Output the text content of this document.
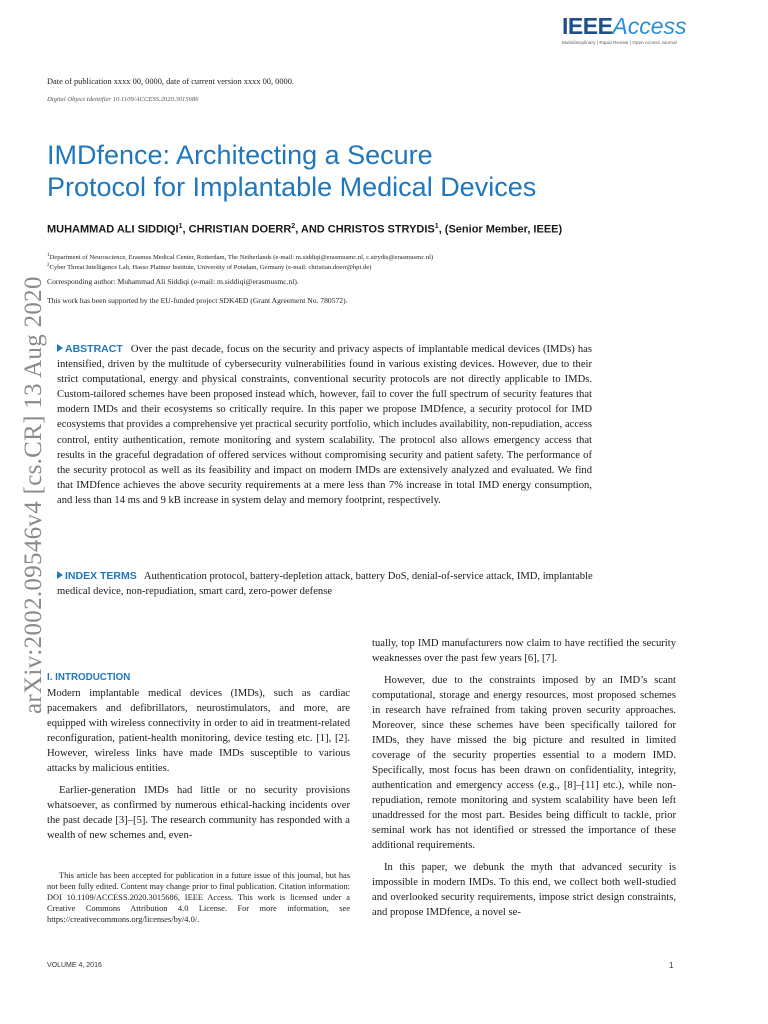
IEEEAccess
Multidisciplinary | Rapid Review | Open Access Journal
arXiv:2002.09546v4 [cs.CR] 13 Aug 2020
Date of publication xxxx 00, 0000, date of current version xxxx 00, 0000.
Digital Object Identifier 10.1109/ACCESS.2020.3015686
IMDfence: Architecting a Secure
Protocol for Implantable Medical Devices
MUHAMMAD ALI SIDDIQI$^1$, CHRISTIAN DOERR$^2$, AND CHRISTOS STRYDIS$^1$, (Senior Member, IEEE)
$^1$Department of Neuroscience, Erasmus Medical Center, Rotterdam, The Netherlands (e-mail: m.siddiqi@erasmusmc.nl, c.strydis@erasmusmc.nl)
$^2$Cyber Threat Intelligence Lab, Hasso Plattner Institute, University of Potsdam, Germany (e-mail: christian.doerr@hpi.de)
Corresponding author: Muhammad Ali Siddiqi (e-mail: m.siddiqi@erasmusmc.nl).
This work has been supported by the EU-funded project SDK4ED (Grant Agreement No. 780572).
ABSTRACT Over the past decade, focus on the security and privacy aspects of implantable medical devices (IMDs) has intensified, driven by the multitude of cybersecurity vulnerabilities found in various existing devices. However, due to their strict computational, energy and physical constraints, conventional security protocols are not directly applicable to IMDs. Custom-tailored schemes have been proposed instead which, however, fail to cover the full spectrum of security features that modern IMDs and their ecosystems so critically require. In this paper we propose IMDfence, a security protocol for IMD ecosystems that provides a comprehensive yet practical security portfolio, which includes availability, non-repudiation, access control, entity authentication, remote monitoring and system scalability. The protocol also allows emergency access that results in the graceful degradation of offered services without compromising security and patient safety. The performance of the security protocol as well as its feasibility and impact on modern IMDs are extensively analyzed and evaluated. We find that IMDfence achieves the above security requirements at a mere less than 7% increase in total IMD energy consumption, and less than 14 ms and 9 kB increase in system delay and memory footprint, respectively.
INDEX TERMS Authentication protocol, battery-depletion attack, battery DoS, denial-of-service attack, IMD, implantable medical device, non-repudiation, smart card, zero-power defense
I. INTRODUCTION

Modern implantable medical devices (IMDs), such as cardiac pacemakers and defibrillators, neurostimulators, and more, are equipped with wireless connectivity in order to aid in treatment-related reconfiguration, patient-health monitoring, device testing etc. [1], [2]. However, wireless links have made IMDs susceptible to various attacks by malicious entities.

Earlier-generation IMDs had little or no security provisions whatsoever, as confirmed by numerous ethical-hacking incidents over the past decade [3]–[5]. The research community has responded with a wealth of new schemes and, even-

tually, top IMD manufacturers now claim to have rectified the security weaknesses over the past few years [6], [7].

However, due to the constraints imposed by an IMD’s scant computational, storage and energy resources, most proposed schemes in research have refrained from taking proven security approaches. Moreover, since these schemes have been specifically tailored for IMDs, they have missed the big picture and resulted in limited coverage of the security properties essential to a modern IMD. Specifically, most focus has been drawn on confidentiality, integrity, authentication and emergency access (e.g., [8]–[11] etc.), while non-repudiation, remote monitoring and system scalability have been left unaddressed for the most part. Besides being difficult to tackle, prior seminal work has not identified or stressed the importance of these additional requirements.

In this paper, we debunk the myth that advanced security is impossible in modern IMDs. To this end, we collect both well-studied and overlooked security requirements, impose strict design constraints, and propose IMDfence, a novel se-

This article has been accepted for publication in a future issue of this journal, but has not been fully edited. Content may change prior to final publication. Citation information: DOI 10.1109/ACCESS.2020.3015686, IEEE Access. This work is licensed under a Creative Commons Attribution 4.0 License. For more information, see https://creativecommons.org/licenses/by/4.0/.
VOLUME 4, 2016	1
